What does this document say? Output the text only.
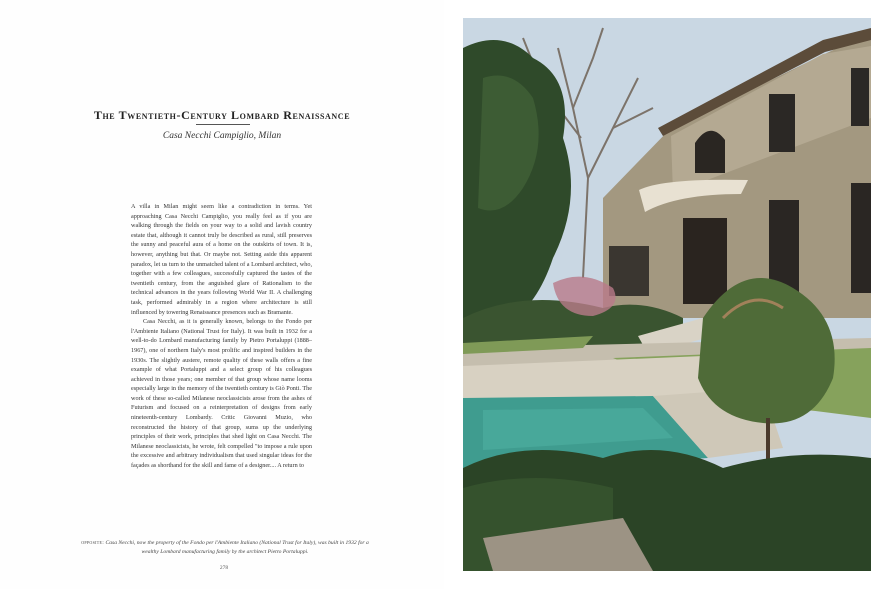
The Twentieth-Century Lombard Renaissance
Casa Necchi Campiglio, Milan

A villa in Milan might seem like a contradiction in terms. Yet approaching Casa Necchi Campiglio, you really feel as if you are walking through the fields on your way to a solid and lavish country estate that, although it cannot truly be described as rural, still preserves the sunny and peaceful aura of a home on the outskirts of town. It is, however, anything but that. Or maybe not. Setting aside this apparent paradox, let us turn to the unmatched talent of a Lombard architect, who, together with a few colleagues, successfully captured the tastes of the twentieth century, from the anguished glare of Rationalism to the technical advances in the years following World War II. A challenging task, performed admirably in a region where architecture is still influenced by towering Renaissance presences such as Bramante.

Casa Necchi, as it is generally known, belongs to the Fondo per l'Ambiente Italiano (National Trust for Italy). It was built in 1932 for a well-to-do Lombard manufacturing family by Pietro Portaluppi (1888–1967), one of northern Italy's most prolific and inspired builders in the 1930s. The slightly austere, remote quality of these walls offers a fine example of what Portaluppi and a select group of his colleagues achieved in those years; one member of that group whose name looms especially large in the memory of the twentieth century is Giò Ponti. The work of these so-called Milanese neoclassicists arose from the ashes of Futurism and focused on a reinterpretation of designs from early nineteenth-century Lombardy. Critic Giovanni Muzio, who reconstructed the history of that group, sums up the underlying principles of their work, principles that shed light on Casa Necchi. The Milanese neoclassicists, he wrote, felt compelled "to impose a rule upon the excessive and arbitrary individualism that used singular ideas for the façades as shorthand for the skill and fame of a designer.... A return to

opposite: Casa Necchi, now the property of the Fondo per l'Ambiente Italiano (National Trust for Italy), was built in 1932 for a wealthy Lombard manufacturing family by the architect Pietro Portaluppi.
278
